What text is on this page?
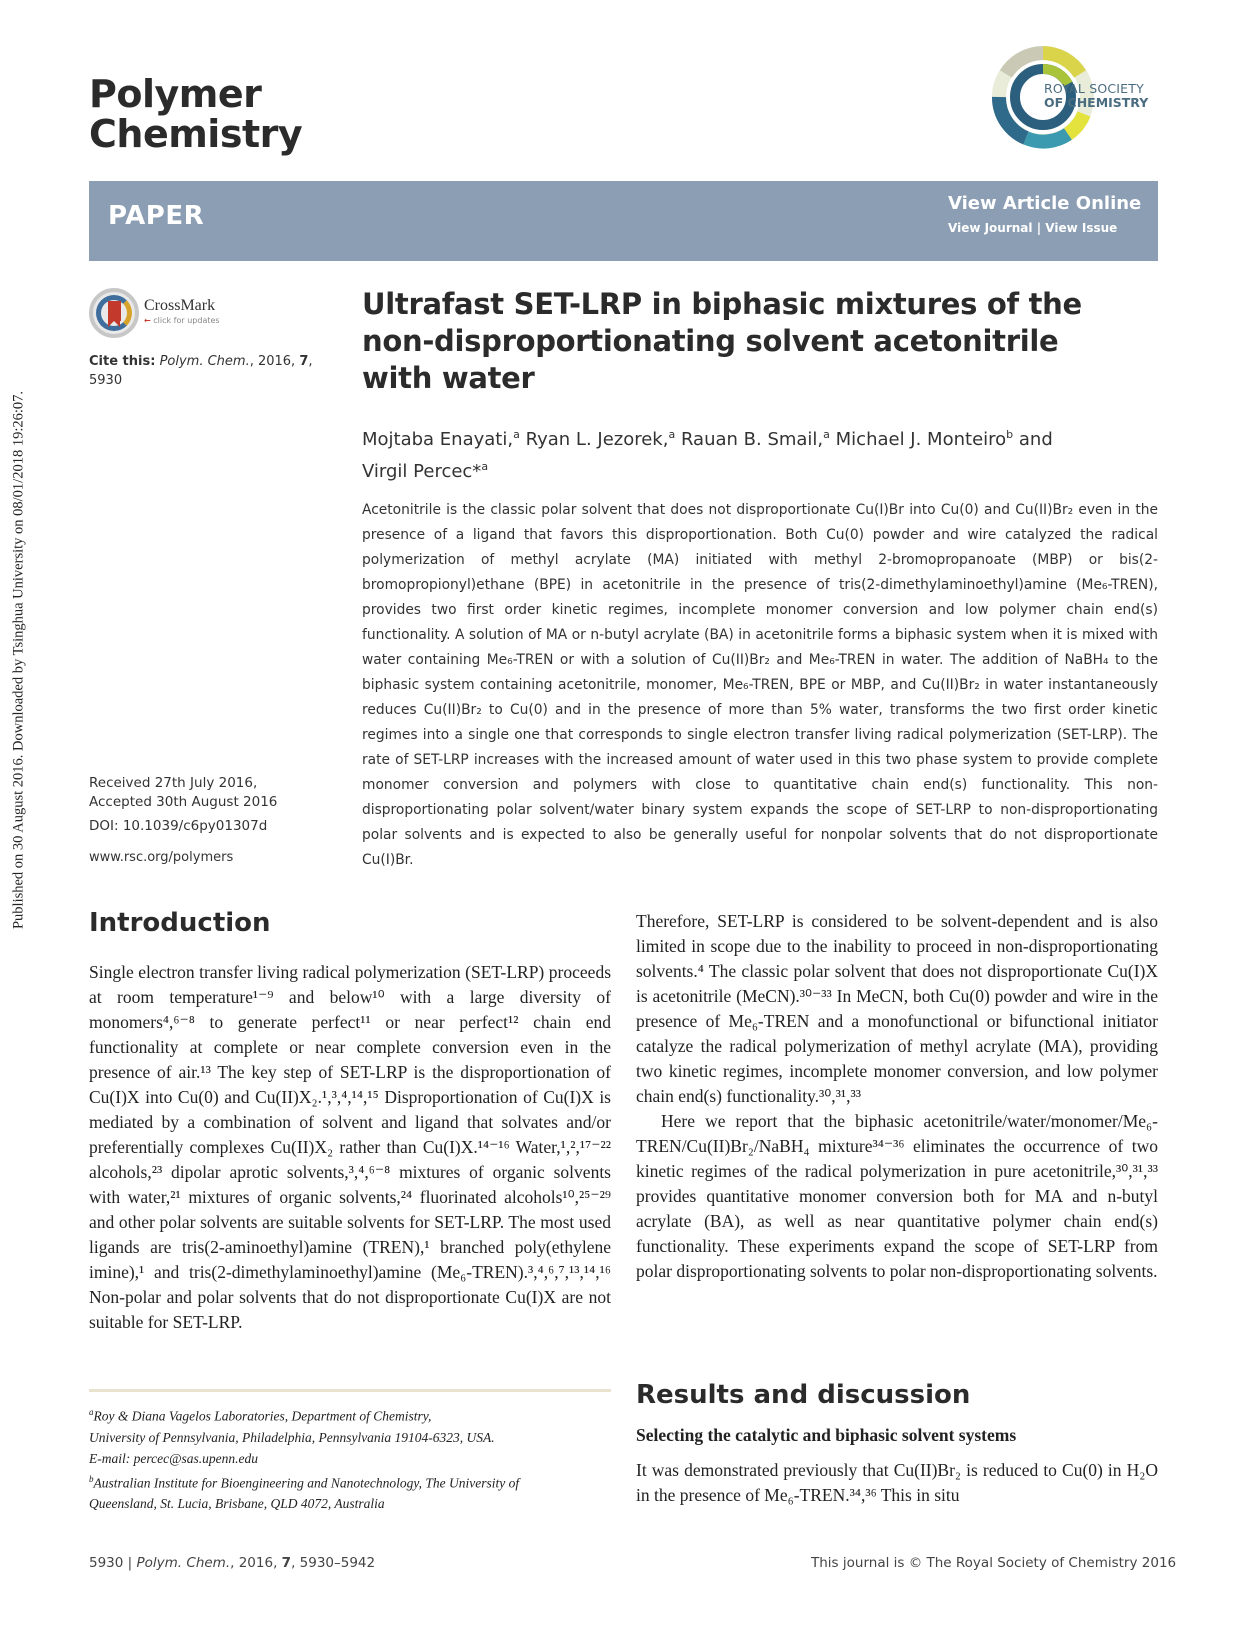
Published on 30 August 2016. Downloaded by Tsinghua University on 08/01/2018 19:26:07.
Polymer
Chemistry
ROYAL SOCIETY
OF CHEMISTRY
PAPER	View Article Online
View Journal | View Issue
CrossMark
← click for updates
Cite this: Polym. Chem., 2016, 7,
5930
Received 27th July 2016,
Accepted 30th August 2016
DOI: 10.1039/c6py01307d
www.rsc.org/polymers
Ultrafast SET-LRP in biphasic mixtures of the non-disproportionating solvent acetonitrile with water
Mojtaba Enayati,$^a$ Ryan L. Jezorek,$^a$ Rauan B. Smail,$^a$ Michael J. Monteiro$^b$ and
Virgil Percec*$^a$

Acetonitrile is the classic polar solvent that does not disproportionate Cu(I)Br into Cu(0) and Cu(II)Br₂ even in the presence of a ligand that favors this disproportionation. Both Cu(0) powder and wire catalyzed the radical polymerization of methyl acrylate (MA) initiated with methyl 2-bromopropanoate (MBP) or bis(2-bromopropionyl)ethane (BPE) in acetonitrile in the presence of tris(2-dimethylaminoethyl)amine (Me₆-TREN), provides two first order kinetic regimes, incomplete monomer conversion and low polymer chain end(s) functionality. A solution of MA or n-butyl acrylate (BA) in acetonitrile forms a biphasic system when it is mixed with water containing Me₆-TREN or with a solution of Cu(II)Br₂ and Me₆-TREN in water. The addition of NaBH₄ to the biphasic system containing acetonitrile, monomer, Me₆-TREN, BPE or MBP, and Cu(II)Br₂ in water instantaneously reduces Cu(II)Br₂ to Cu(0) and in the presence of more than 5% water, transforms the two first order kinetic regimes into a single one that corresponds to single electron transfer living radical polymerization (SET-LRP). The rate of SET-LRP increases with the increased amount of water used in this two phase system to provide complete monomer conversion and polymers with close to quantitative chain end(s) functionality. This non-disproportionating polar solvent/water binary system expands the scope of SET-LRP to non-disproportionating polar solvents and is expected to also be generally useful for nonpolar solvents that do not disproportionate Cu(I)Br.

Introduction

Single electron transfer living radical polymerization (SET-LRP) proceeds at room temperature¹⁻⁹ and below¹⁰ with a large diversity of monomers⁴,⁶⁻⁸ to generate perfect¹¹ or near perfect¹² chain end functionality at complete or near complete conversion even in the presence of air.¹³ The key step of SET-LRP is the disproportionation of Cu(I)X into Cu(0) and Cu(II)X₂.¹,³,⁴,¹⁴,¹⁵ Disproportionation of Cu(I)X is mediated by a combination of solvent and ligand that solvates and/or preferentially complexes Cu(II)X₂ rather than Cu(I)X.¹⁴⁻¹⁶ Water,¹,²,¹⁷⁻²² alcohols,²³ dipolar aprotic solvents,³,⁴,⁶⁻⁸ mixtures of organic solvents with water,²¹ mixtures of organic solvents,²⁴ fluorinated alcohols¹⁰,²⁵⁻²⁹ and other polar solvents are suitable solvents for SET-LRP. The most used ligands are tris(2-aminoethyl)amine (TREN),¹ branched poly(ethylene imine),¹ and tris(2-dimethylaminoethyl)amine (Me₆-TREN).³,⁴,⁶,⁷,¹³,¹⁴,¹⁶ Non-polar and polar solvents that do not disproportionate Cu(I)X are not suitable for SET-LRP.

Therefore, SET-LRP is considered to be solvent-dependent and is also limited in scope due to the inability to proceed in non-disproportionating solvents.⁴ The classic polar solvent that does not disproportionate Cu(I)X is acetonitrile (MeCN).³⁰⁻³³ In MeCN, both Cu(0) powder and wire in the presence of Me₆-TREN and a monofunctional or bifunctional initiator catalyze the radical polymerization of methyl acrylate (MA), providing two kinetic regimes, incomplete monomer conversion, and low polymer chain end(s) functionality.³⁰,³¹,³³

Here we report that the biphasic acetonitrile/water/monomer/Me₆-TREN/Cu(II)Br₂/NaBH₄ mixture³⁴⁻³⁶ eliminates the occurrence of two kinetic regimes of the radical polymerization in pure acetonitrile,³⁰,³¹,³³ provides quantitative monomer conversion both for MA and n-butyl acrylate (BA), as well as near quantitative polymer chain end(s) functionality. These experiments expand the scope of SET-LRP from polar disproportionating solvents to polar non-disproportionating solvents.

$^a$Roy & Diana Vagelos Laboratories, Department of Chemistry,
University of Pennsylvania, Philadelphia, Pennsylvania 19104-6323, USA.
E-mail: percec@sas.upenn.edu
$^b$Australian Institute for Bioengineering and Nanotechnology, The University of
Queensland, St. Lucia, Brisbane, QLD 4072, Australia
Results and discussion
Selecting the catalytic and biphasic solvent systems

It was demonstrated previously that Cu(II)Br₂ is reduced to Cu(0) in H₂O in the presence of Me₆-TREN.³⁴,³⁶ This in situ

5930 | Polym. Chem., 2016, 7, 5930–5942	This journal is © The Royal Society of Chemistry 2016
